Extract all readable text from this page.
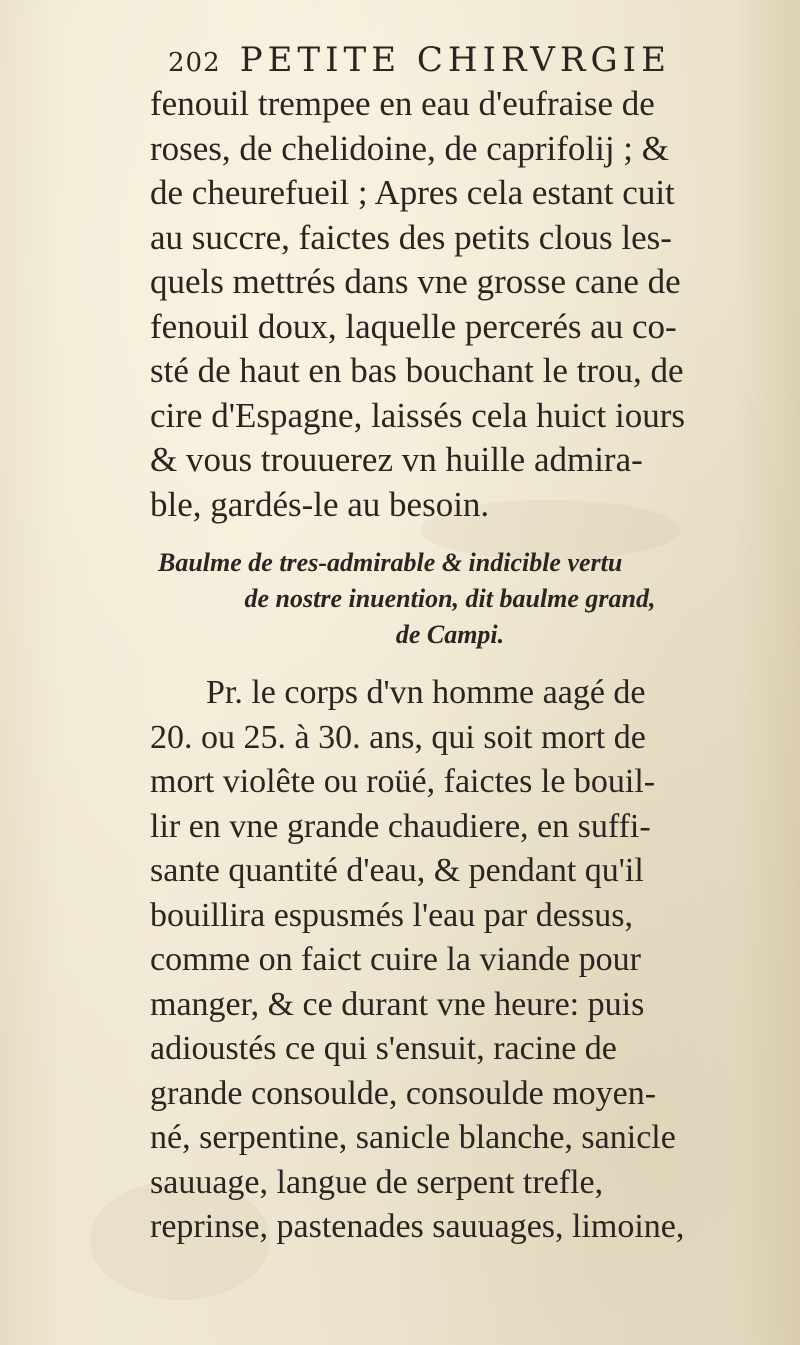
202 PETITE CHIRVRGIE
fenouil trempee en eau d'eufraise de
roses, de chelidoine, de caprifolij ; &
de cheurefueil ; Apres cela estant cuit
au succre, faictes des petits clous les-
quels mettrés dans vne grosse cane de
fenouil doux, laquelle percerés au co-
sté de haut en bas bouchant le trou, de
cire d'Espagne, laissés cela huict iours
& vous trouuerez vn huille admira-
ble, gardés-le au besoin.
Baulme de tres-admirable & indicible vertu
de nostre inuention, dit baulme grand,
de Campi.
Pr. le corps d'vn homme aagé de
20. ou 25. à 30. ans, qui soit mort de
mort violête ou roüé, faictes le bouil-
lir en vne grande chaudiere, en suffi-
sante quantité d'eau, & pendant qu'il
bouillira espusmés l'eau par dessus,
comme on faict cuire la viande pour
manger, & ce durant vne heure: puis
adioustés ce qui s'ensuit, racine de
grande consoulde, consoulde moyen-
né, serpentine, sanicle blanche, sanicle
sauuage, langue de serpent trefle,
reprinse, pastenades sauuages, limoine,
